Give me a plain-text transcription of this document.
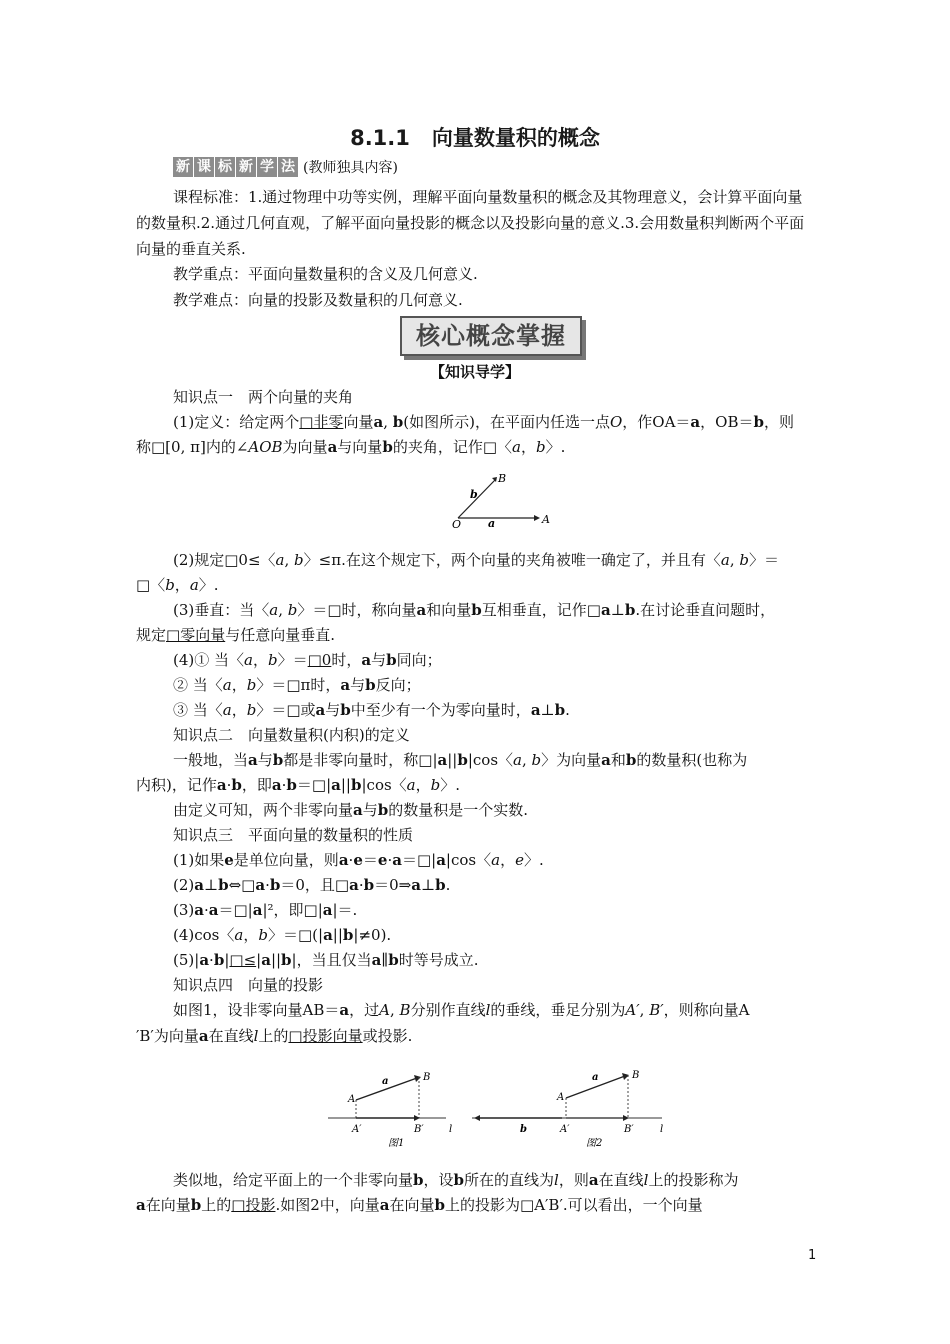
8.1.1 向量数量积的概念
新 课 标 新 学 法 (教师独具内容)
课程标准：1.通过物理中功等实例，理解平面向量数量积的概念及其物理意义，会计算平面向量的数量积.2.通过几何直观，了解平面向量投影的概念以及投影向量的意义.3.会用数量积判断两个平面向量的垂直关系.
教学重点：平面向量数量积的含义及几何意义.
教学难点：向量的投影及数量积的几何意义.
核心概念掌握
【知识导学】
知识点一　两个向量的夹角
(1)定义：给定两个□非零向量a, b(如图所示)，在平面内任选一点O，作OA＝a，OB＝b，则
称□[0, π]内的∠AOB为向量a与向量b的夹角，记作□〈a，b〉.
B
b
O a	A
(2)规定□0≤〈a, b〉≤π.在这个规定下，两个向量的夹角被唯一确定了，并且有〈a, b〉＝
□〈b，a〉.
(3)垂直：当〈a, b〉＝□时，称向量a和向量b互相垂直，记作□a⊥b.在讨论垂直问题时，
规定□零向量与任意向量垂直.
(4)① 当〈a，b〉＝□0时，a与b同向；
② 当〈a，b〉＝□π时，a与b反向；
③ 当〈a，b〉＝□或a与b中至少有一个为零向量时，a⊥b.
知识点二　向量数量积(内积)的定义
一般地，当a与b都是非零向量时，称□|a||b|cos〈a, b〉为向量a和b的数量积(也称为
内积)，记作a·b，即a·b＝□|a||b|cos〈a，b〉.
由定义可知，两个非零向量a与b的数量积是一个实数.
知识点三　平面向量的数量积的性质
(1)如果e是单位向量，则a·e＝e·a＝□|a|cos〈a，e〉.
(2)a⊥b⇔□a·b＝0，且□a·b＝0⇒a⊥b.
(3)a·a＝□|a|²，即□|a|＝.
(4)cos〈a，b〉＝□(|a||b|≠0).
(5)|a·b|□≤|a||b|，当且仅当a∥b时等号成立.
知识点四　向量的投影
如图1，设非零向量AB＝a，过A, B分别作直线l的垂线，垂足分别为A′, B′，则称向量A
′B′为向量a在直线l上的□投影向量或投影.
a
A
B
A′	B′	l
图1
a
A
B
b	A′	B′	l
图2
类似地，给定平面上的一个非零向量b，设b所在的直线为l，则a在直线l上的投影称为
a在向量b上的□投影.如图2中，向量a在向量b上的投影为□A′B′.可以看出，一个向量
1
